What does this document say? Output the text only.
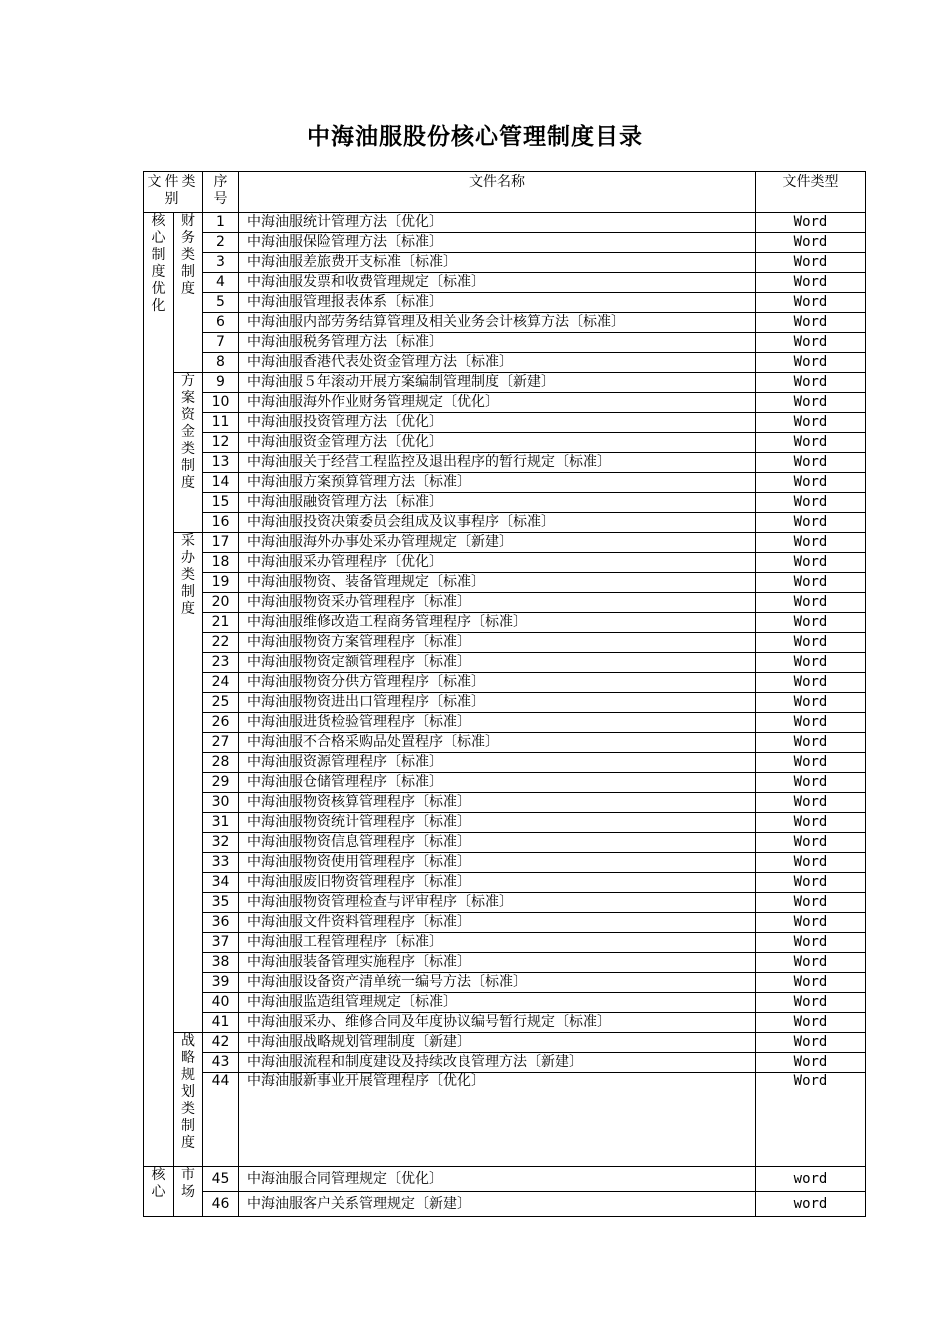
中海油服股份核心管理制度目录
文件类别		序号	文件名称	文件类型

核心制度优化	财务类制度	1	中海油服统计管理方法〔优化〕	Word
		2	中海油服保险管理方法〔标准〕	Word
		3	中海油服差旅费开支标准〔标准〕	Word
		4	中海油服发票和收费管理规定〔标准〕	Word
		5	中海油服管理报表体系〔标准〕	Word
		6	中海油服内部劳务结算管理及相关业务会计核算方法〔标准〕	Word
		7	中海油服税务管理方法〔标准〕	Word
		8	中海油服香港代表处资金管理方法〔标准〕	Word

	方案资金类制度	9	中海油服５年滚动开展方案编制管理制度〔新建〕	Word
		10	中海油服海外作业财务管理规定〔优化〕	Word
		11	中海油服投资管理方法〔优化〕	Word
		12	中海油服资金管理方法〔优化〕	Word
		13	中海油服关于经营工程监控及退出程序的暂行规定〔标准〕	Word
		14	中海油服方案预算管理方法〔标准〕	Word
		15	中海油服融资管理方法〔标准〕	Word
		16	中海油服投资决策委员会组成及议事程序〔标准〕	Word

	采办类制度	17	中海油服海外办事处采办管理规定〔新建〕	Word
		18	中海油服采办管理程序〔优化〕	Word
		19	中海油服物资、装备管理规定〔标准〕	Word
		20	中海油服物资采办管理程序〔标准〕	Word
		21	中海油服维修改造工程商务管理程序〔标准〕	Word
		22	中海油服物资方案管理程序〔标准〕	Word
		23	中海油服物资定额管理程序〔标准〕	Word
		24	中海油服物资分供方管理程序〔标准〕	Word
		25	中海油服物资进出口管理程序〔标准〕	Word
		26	中海油服进货检验管理程序〔标准〕	Word
		27	中海油服不合格采购品处置程序〔标准〕	Word
		28	中海油服资源管理程序〔标准〕	Word
		29	中海油服仓储管理程序〔标准〕	Word
		30	中海油服物资核算管理程序〔标准〕	Word
		31	中海油服物资统计管理程序〔标准〕	Word
		32	中海油服物资信息管理程序〔标准〕	Word
		33	中海油服物资使用管理程序〔标准〕	Word
		34	中海油服废旧物资管理程序〔标准〕	Word
		35	中海油服物资管理检查与评审程序〔标准〕	Word
		36	中海油服文件资料管理程序〔标准〕	Word
		37	中海油服工程管理程序〔标准〕	Word
		38	中海油服装备管理实施程序〔标准〕	Word
		39	中海油服设备资产清单统一编号方法〔标准〕	Word
		40	中海油服监造组管理规定〔标准〕	Word
		41	中海油服采办、维修合同及年度协议编号暂行规定〔标准〕	Word

	战略规划类制度	42	中海油服战略规划管理制度〔新建〕	Word
		43	中海油服流程和制度建设及持续改良管理方法〔新建〕	Word
		44	中海油服新事业开展管理程序〔优化〕	Word

核心	市场	45	中海油服合同管理规定〔优化〕	word
		46	中海油服客户关系管理规定〔新建〕	word
